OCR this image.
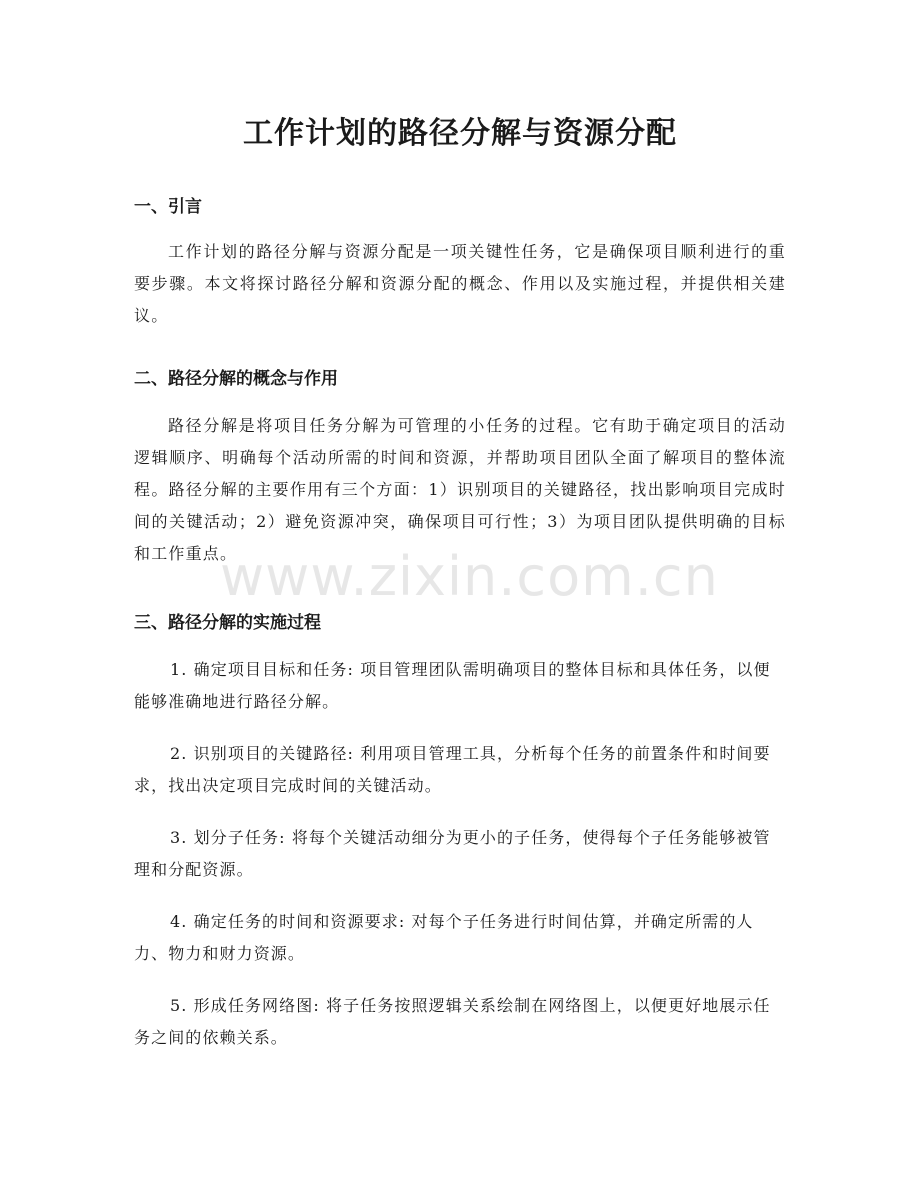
工作计划的路径分解与资源分配
一、引言

工作计划的路径分解与资源分配是一项关键性任务，它是确保项目顺利进行的重要步骤。本文将探讨路径分解和资源分配的概念、作用以及实施过程，并提供相关建议。

二、路径分解的概念与作用

路径分解是将项目任务分解为可管理的小任务的过程。它有助于确定项目的活动逻辑顺序、明确每个活动所需的时间和资源，并帮助项目团队全面了解项目的整体流程。路径分解的主要作用有三个方面：1）识别项目的关键路径，找出影响项目完成时间的关键活动；2）避免资源冲突，确保项目可行性；3）为项目团队提供明确的目标和工作重点。

三、路径分解的实施过程

1. 确定项目目标和任务: 项目管理团队需明确项目的整体目标和具体任务，以便能够准确地进行路径分解。

2. 识别项目的关键路径: 利用项目管理工具，分析每个任务的前置条件和时间要求，找出决定项目完成时间的关键活动。

3. 划分子任务: 将每个关键活动细分为更小的子任务，使得每个子任务能够被管理和分配资源。

4. 确定任务的时间和资源要求: 对每个子任务进行时间估算，并确定所需的人力、物力和财力资源。

5. 形成任务网络图: 将子任务按照逻辑关系绘制在网络图上，以便更好地展示任务之间的依赖关系。

www.zixin.com.cn
